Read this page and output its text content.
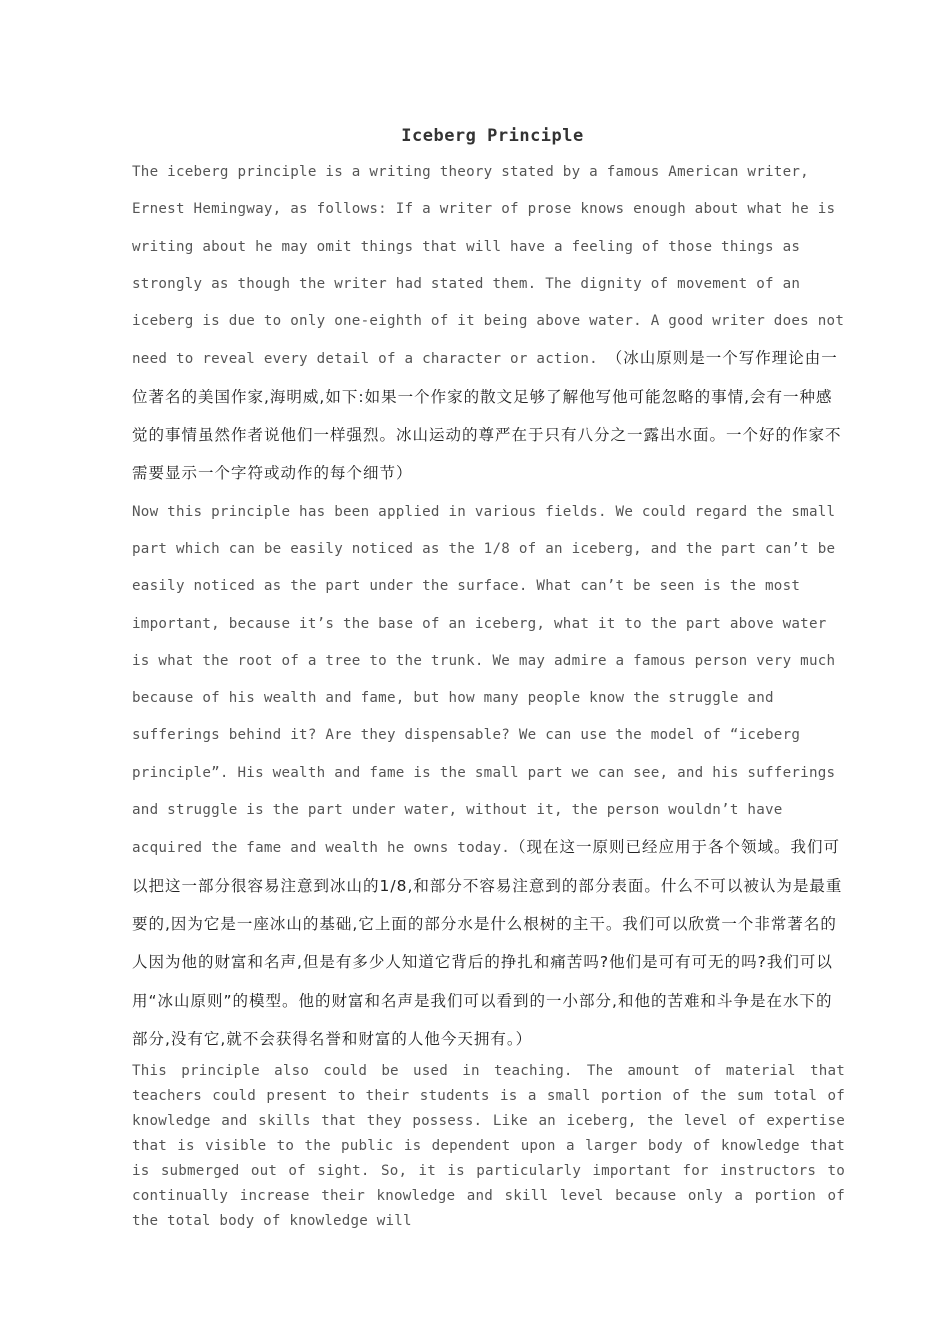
Iceberg Principle

The iceberg principle is a writing theory stated by a famous American writer, Ernest Hemingway, as follows: If a writer of prose knows enough about what he is writing about he may omit things that will have a feeling of those things as strongly as though the writer had stated them. The dignity of movement of an iceberg is due to only one-eighth of it being above water. A good writer does not need to reveal every detail of a character or action. （冰山原则是一个写作理论由一位著名的美国作家,海明威,如下:如果一个作家的散文足够了解他写他可能忽略的事情,会有一种感觉的事情虽然作者说他们一样强烈。冰山运动的尊严在于只有八分之一露出水面。一个好的作家不需要显示一个字符或动作的每个细节）

Now this principle has been applied in various fields. We could regard the small part which can be easily noticed as the 1/8 of an iceberg, and the part can’t be easily noticed as the part under the surface. What can’t be seen is the most important, because it’s the base of an iceberg, what it to the part above water is what the root of a tree to the trunk. We may admire a famous person very much because of his wealth and fame, but how many people know the struggle and sufferings behind it? Are they dispensable? We can use the model of “iceberg principle”. His wealth and fame is the small part we can see, and his sufferings and struggle is the part under water, without it, the person wouldn’t have acquired the fame and wealth he owns today.（现在这一原则已经应用于各个领域。我们可以把这一部分很容易注意到冰山的1/8,和部分不容易注意到的部分表面。什么不可以被认为是最重要的,因为它是一座冰山的基础,它上面的部分水是什么根树的主干。我们可以欣赏一个非常著名的人因为他的财富和名声,但是有多少人知道它背后的挣扎和痛苦吗?他们是可有可无的吗?我们可以用“冰山原则”的模型。他的财富和名声是我们可以看到的一小部分,和他的苦难和斗争是在水下的部分,没有它,就不会获得名誉和财富的人他今天拥有。）

This principle also could be used in teaching. The amount of material that teachers could present to their students is a small portion of the sum total of knowledge and skills that they possess. Like an iceberg, the level of expertise that is visible to the public is dependent upon a larger body of knowledge that is submerged out of sight. So, it is particularly important for instructors to continually increase their knowledge and skill level because only a portion of the total body of knowledge will
